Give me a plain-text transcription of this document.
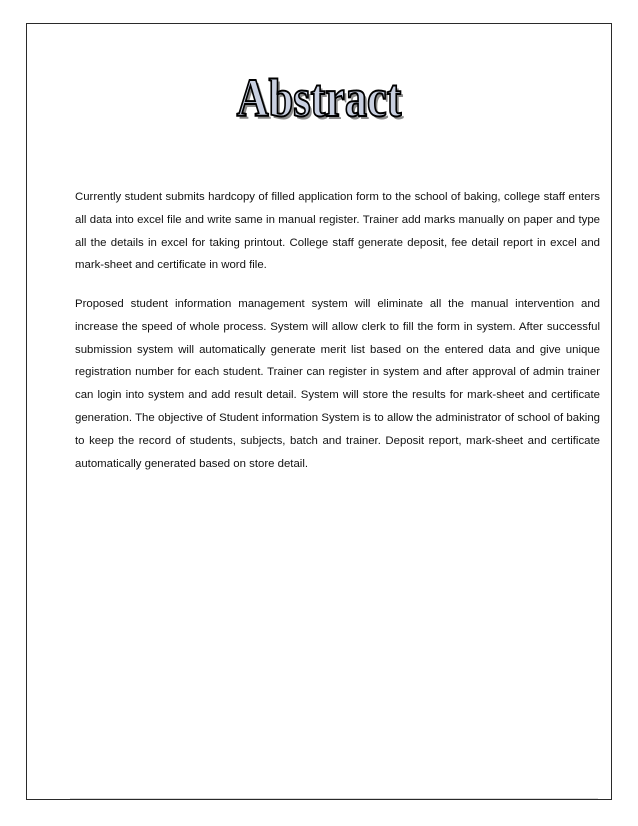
Abstract

Currently student submits hardcopy of filled application form to the school of baking, college staff enters all data into excel file and write same in manual register. Trainer add marks manually on paper and type all the details in excel for taking printout. College staff generate deposit, fee detail report in excel and mark-sheet and certificate in word file.

Proposed student information management system will eliminate all the manual intervention and increase the speed of whole process. System will allow clerk to fill the form in system. After successful submission system will automatically generate merit list based on the entered data and give unique registration number for each student. Trainer can register in system and after approval of admin trainer can login into system and add result detail. System will store the results for mark-sheet and certificate generation. The objective of Student information System is to allow the administrator of school of baking to keep the record of students, subjects, batch and trainer. Deposit report, mark-sheet and certificate automatically generated based on store detail.
